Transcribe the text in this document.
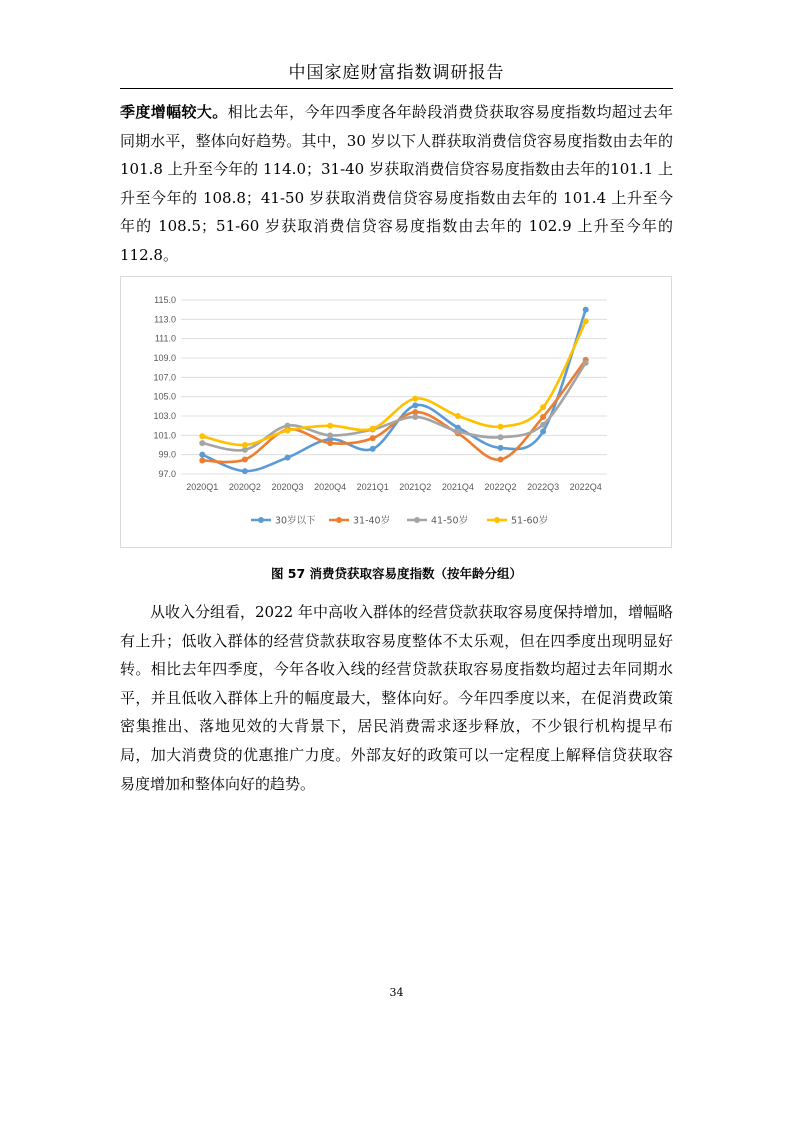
中国家庭财富指数调研报告

季度增幅较大。相比去年，今年四季度各年龄段消费贷获取容易度指数均超过去年同期水平，整体向好趋势。其中，30 岁以下人群获取消费信贷容易度指数由去年的 101.8 上升至今年的 114.0；31-40 岁获取消费信贷容易度指数由去年的101.1 上升至今年的 108.8；41-50 岁获取消费信贷容易度指数由去年的 101.4 上升至今年的 108.5；51-60 岁获取消费信贷容易度指数由去年的 102.9 上升至今年的 112.8。

97.0
99.0
101.0
103.0
105.0
107.0
109.0
111.0
113.0
115.0
2020Q1 2020Q2 2020Q3 2020Q4 2021Q1 2021Q2 2021Q4 2022Q2 2022Q3 2022Q4
30岁以下	31-40岁	41-50岁	51-60岁
图 57 消费贷获取容易度指数（按年龄分组）

从收入分组看，2022 年中高收入群体的经营贷款获取容易度保持增加，增幅略有上升；低收入群体的经营贷款获取容易度整体不太乐观，但在四季度出现明显好转。相比去年四季度，今年各收入线的经营贷款获取容易度指数均超过去年同期水平，并且低收入群体上升的幅度最大，整体向好。今年四季度以来，在促消费政策密集推出、落地见效的大背景下，居民消费需求逐步释放，不少银行机构提早布局，加大消费贷的优惠推广力度。外部友好的政策可以一定程度上解释信贷获取容易度增加和整体向好的趋势。

34
